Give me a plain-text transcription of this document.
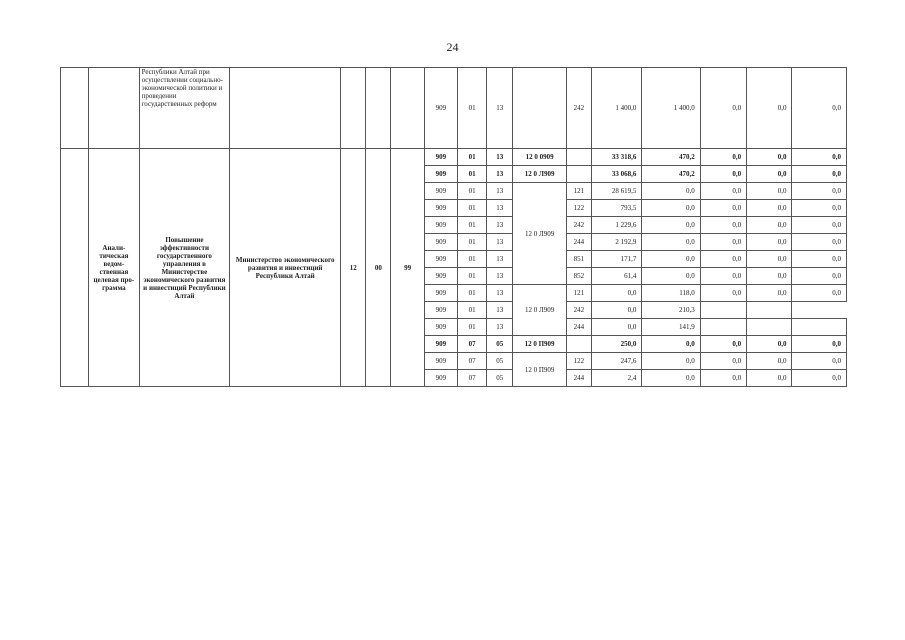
24
		Республики Алтай при осуществлении социально-экономической политики и проведении государственных реформ					909	01	13		242	1 400,0	1 400,0	0,0	0,0	0,0
	Анали-тическая ведом-ственная целевая про-грамма	Повышение эффективности государственного управления в Министерстве экономического развития и инвестиций Республики Алтай	Министерство экономического развития и инвестиций Республики Алтай	12	00	99	909	01	13	12 0 0909		33 318,6	470,2	0,0	0,0	0,0
							909	01	13	12 0 Л909		33 068,6	470,2	0,0	0,0	0,0
							909	01	13	12 0 Л909	121	28 619,5	0,0	0,0	0,0	0,0
							909	01	13		122	793,5	0,0	0,0	0,0	0,0
							909	01	13		242	1 229,6	0,0	0,0	0,0	0,0
							909	01	13		244	2 192,9	0,0	0,0	0,0	0,0
							909	01	13		851	171,7	0,0	0,0	0,0	0,0
							909	01	13		852	61,4	0,0	0,0	0,0	0,0
							909	01	13	12 0 Л909	121	0,0	118,0	0,0	0,0	0,0
							909	01	13		242	0,0	210,3			
							909	01	13		244	0,0	141,9			
							909	07	05	12 0 П909		250,0	0,0	0,0	0,0	0,0
							909	07	05	12 0 П909	122	247,6	0,0	0,0	0,0	0,0
							909	07	05		244	2,4	0,0	0,0	0,0	0,0
